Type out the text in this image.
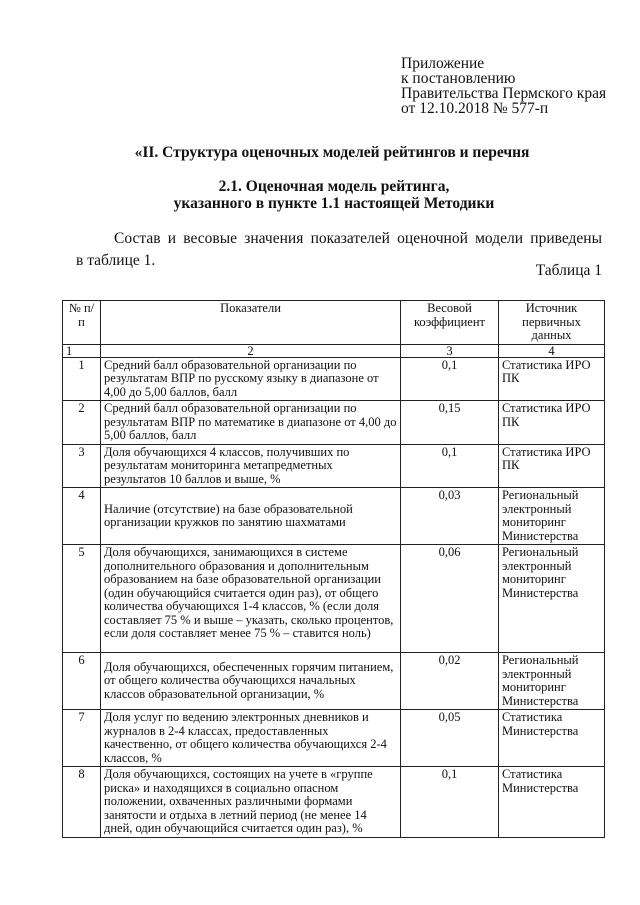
Приложение
к постановлению
Правительства Пермского края
от 12.10.2018 № 577-п
«II. Структура оценочных моделей рейтингов и перечня
2.1. Оценочная модель рейтинга,
указанного в пункте 1.1 настоящей Методики
Состав и весовые значения показателей оценочной модели приведены
в таблице 1.
Таблица 1
№ п/п	Показатели	Весовой коэффициент	Источник первичных данных
1	2	3	4
1	Средний балл образовательной организации по результатам ВПР по русскому языку в диапазоне от 4,00 до 5,00 баллов, балл	0,1	Статистика ИРО ПК
2	Средний балл образовательной организации по результатам ВПР по математике в диапазоне от 4,00 до 5,00 баллов, балл	0,15	Статистика ИРО ПК
3	Доля обучающихся 4 классов, получивших по результатам мониторинга метапредметных результатов 10 баллов и выше, %	0,1	Статистика ИРО ПК
4	Наличие (отсутствие) на базе образовательной организации кружков по занятию шахматами	0,03	Региональный электронный мониторинг Министерства
5	Доля обучающихся, занимающихся в системе дополнительного образования и дополнительным образованием на базе образовательной организации (один обучающийся считается один раз), от общего количества обучающихся 1-4 классов, % (если доля составляет 75 % и выше – указать, сколько процентов, если доля составляет менее 75 % – ставится ноль)	0,06	Региональный электронный мониторинг Министерства
6	Доля обучающихся, обеспеченных горячим питанием, от общего количества обучающихся начальных классов образовательной организации, %	0,02	Региональный электронный мониторинг Министерства
7	Доля услуг по ведению электронных дневников и журналов в 2-4 классах, предоставленных качественно, от общего количества обучающихся 2-4 классов, %	0,05	Статистика Министерства
8	Доля обучающихся, состоящих на учете в «группе риска» и находящихся в социально опасном положении, охваченных различными формами занятости и отдыха в летний период (не менее 14 дней, один обучающийся считается один раз), %	0,1	Статистика Министерства
